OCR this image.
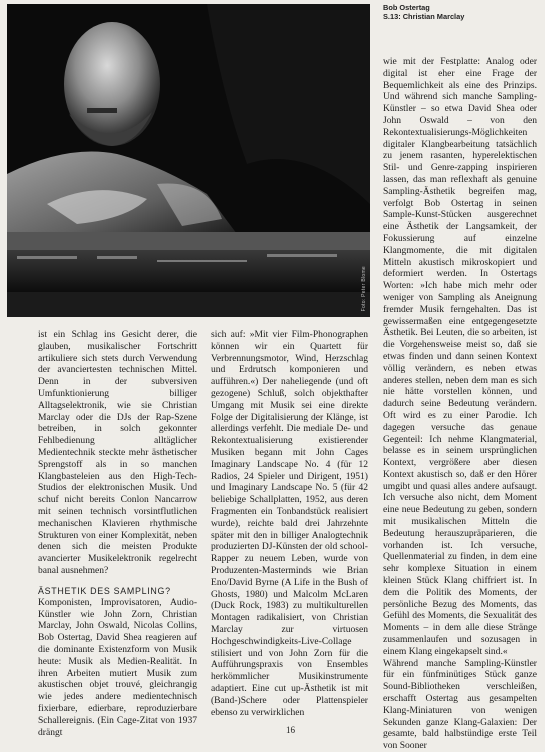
Foto: Peter Blome
Bob Ostertag
S.13: Christian Marclay

ist ein Schlag ins Gesicht derer, die glauben, musikalischer Fortschritt artikuliere sich stets durch Verwendung der avanciertesten technischen Mittel. Denn in der subversiven Umfunktionierung billiger Alltagselektronik, wie sie Christian Marclay oder die DJs der Rap-Szene betreiben, in solch gekonnter Fehlbedienung alltäglicher Medientechnik steckte mehr ästhetischer Sprengstoff als in so manchen Klangbasteleien aus den High-Tech-Studios der elektronischen Musik. Und schuf nicht bereits Conlon Nancarrow mit seinen technisch vorsintflutlichen mechanischen Klavieren rhythmische Strukturen von einer Komplexität, neben denen sich die meisten Produkte avancierter Musikelektronik regelrecht banal ausnehmen?

ÄSTHETIK DES SAMPLING?

Komponisten, Improvisatoren, Audio-Künstler wie John Zorn, Christian Marclay, John Oswald, Nicolas Collins, Bob Ostertag, David Shea reagieren auf die dominante Existenzform von Musik heute: Musik als Medien-Realität. In ihren Arbeiten mutiert Musik zum akustischen objet trouvé, gleichrangig wie jedes andere medientechnisch fixierbare, edierbare, reproduzierbare Schallereignis. (Ein Cage-Zitat von 1937 drängt

sich auf: »Mit vier Film-Phonographen können wir ein Quartett für Verbrennungsmotor, Wind, Herzschlag und Erdrutsch komponieren und aufführen.«) Der naheliegende (und oft gezogene) Schluß, solch objekthafter Umgang mit Musik sei eine direkte Folge der Digitalisierung der Klänge, ist allerdings verfehlt. Die mediale De- und Rekontextualisierung existierender Musiken begann mit John Cages Imaginary Landscape No. 4 (für 12 Radios, 24 Spieler und Dirigent, 1951) und Imaginary Landscape No. 5 (für 42 beliebige Schallplatten, 1952, aus deren Fragmenten ein Tonbandstück realisiert wurde), reichte bald drei Jahrzehnte später mit den in billiger Analogtechnik produzierten DJ-Künsten der old school-Rapper zu neuem Leben, wurde von Produzenten-Masterminds wie Brian Eno/David Byrne (A Life in the Bush of Ghosts, 1980) und Malcolm McLaren (Duck Rock, 1983) zu multikulturellen Montagen radikalisiert, von Christian Marclay zur virtuosen Hochgeschwindigkeits-Live-Collage stilisiert und von John Zorn für die Aufführungspraxis von Ensembles herkömmlicher Musikinstrumente adaptiert. Eine cut up-Ästhetik ist mit (Band-)Schere oder Plattenspieler ebenso zu verwirklichen

wie mit der Festplatte: Analog oder digital ist eher eine Frage der Bequemlichkeit als eine des Prinzips. Und während sich manche Sampling-Künstler – so etwa David Shea oder John Oswald – von den Rekontextualisierungs-Möglichkeiten digitaler Klangbearbeitung tatsächlich zu jenem rasanten, hyperelektischen Stil- und Genre-zapping inspirieren lassen, das man reflexhaft als genuine Sampling-Ästhetik begreifen mag, verfolgt Bob Ostertag in seinen Sample-Kunst-Stücken ausgerechnet eine Ästhetik der Langsamkeit, der Fokussierung auf einzelne Klangmomente, die mit digitalen Mitteln akustisch mikroskopiert und deformiert werden. In Ostertags Worten: »Ich habe mich mehr oder weniger von Sampling als Aneignung fremder Musik ferngehalten. Das ist gewissermaßen eine entgegengesetzte Ästhetik. Bei Leuten, die so arbeiten, ist die Vorgehensweise meist so, daß sie etwas finden und dann seinen Kontext völlig verändern, es neben etwas anderes stellen, neben dem man es sich nie hätte vorstellen können, und dadurch seine Bedeutung verändern. Oft wird es zu einer Parodie. Ich dagegen versuche das genaue Gegenteil: Ich nehme Klangmaterial, belasse es in seinem ursprünglichen Kontext, vergrößere aber diesen Kontext akustisch so, daß er den Hörer umgibt und quasi alles andere aufsaugt. Ich versuche also nicht, dem Moment eine neue Bedeutung zu geben, sondern mit musikalischen Mitteln die Bedeutung herauszupräparieren, die vorhanden ist. Ich versuche, Quellenmaterial zu finden, in dem eine sehr komplexe Situation in einem kleinen Stück Klang chiffriert ist. In dem die Politik des Moments, der persönliche Bezug des Moments, das Gefühl des Moments, die Sexualität des Moments – in dem alle diese Stränge zusammenlaufen und sozusagen in einem Klang eingekapselt sind.«

Während manche Sampling-Künstler für ein fünfminütiges Stück ganze Sound-Bibliotheken verschleißen, erschafft Ostertag aus gesampelten Klang-Miniaturen von wenigen Sekunden ganze Klang-Galaxien: Der gesamte, bald halbstündige erste Teil von Sooner

16
